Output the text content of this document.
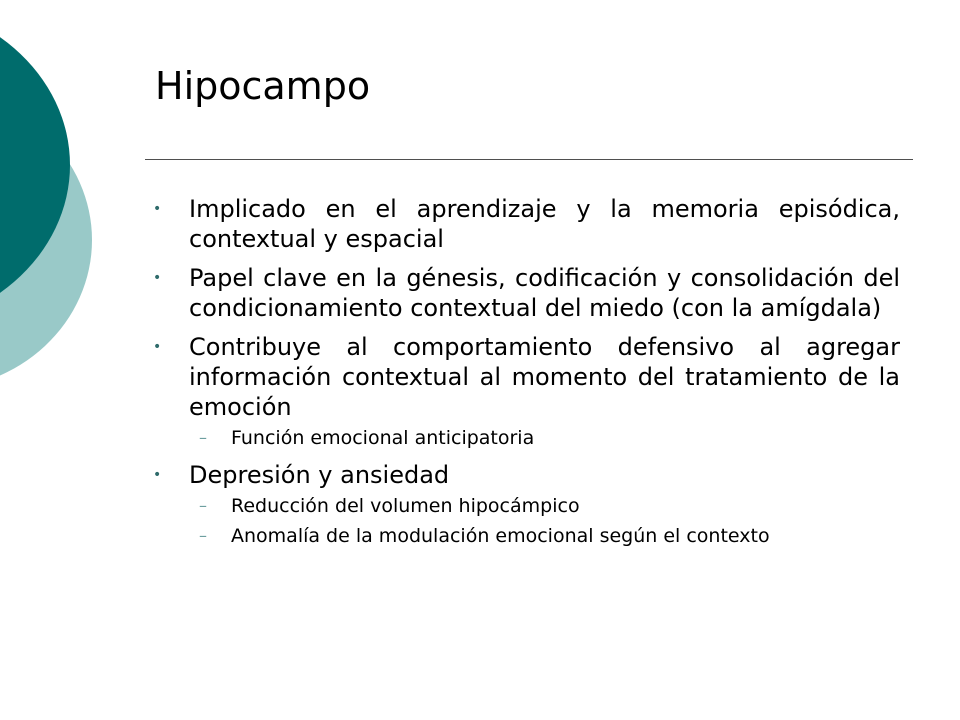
Hipocampo
• Implicado en el aprendizaje y la memoria episódica, contextual y espacial
• Papel clave en la génesis, codificación y consolidación del condicionamiento contextual del miedo (con la amígdala)
• Contribuye al comportamiento defensivo al agregar información contextual al momento del tratamiento de la emoción
– Función emocional anticipatoria
• Depresión y ansiedad
– Reducción del volumen hipocámpico
– Anomalía de la modulación emocional según el contexto
